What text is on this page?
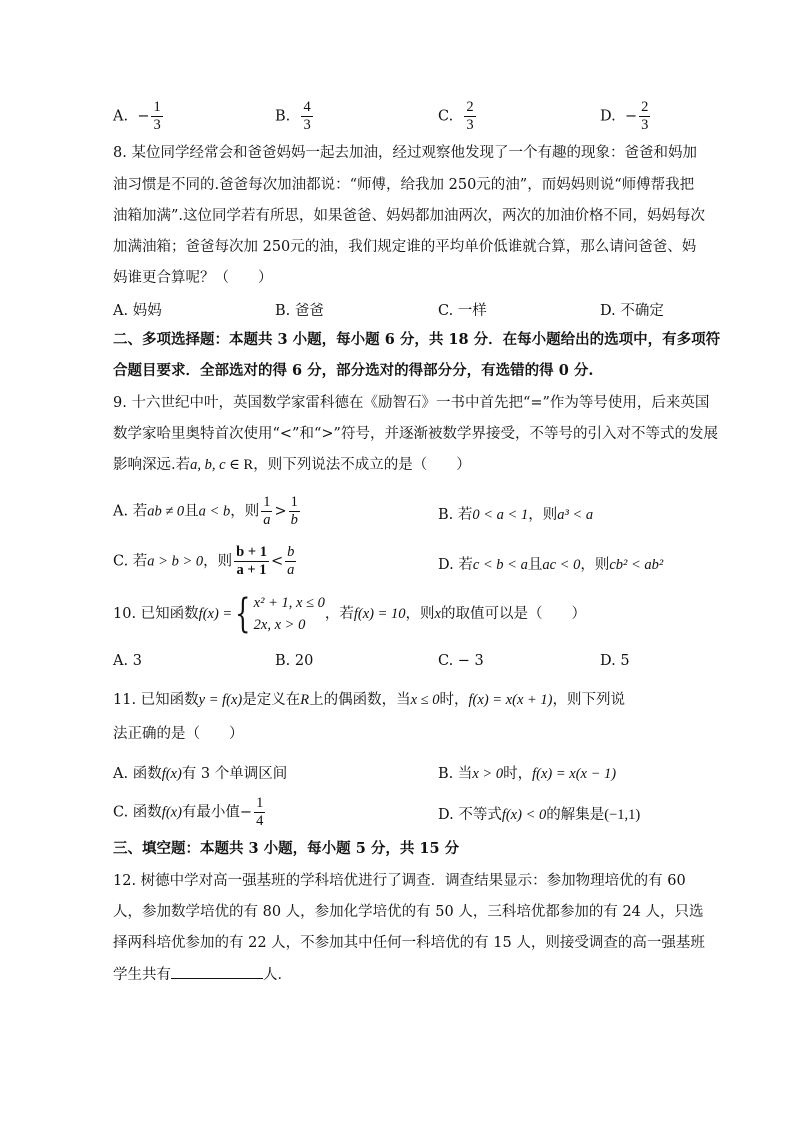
A. − $\frac{1}{3}$	B. $\frac{4}{3}$	C. $\frac{2}{3}$	D. − $\frac{2}{3}$
8. 某位同学经常会和爸爸妈妈一起去加油，经过观察他发现了一个有趣的现象：爸爸和妈加
油习惯是不同的.爸爸每次加油都说：“师傅，给我加 250元的油”，而妈妈则说“师傅帮我把
油箱加满”.这位同学若有所思，如果爸爸、妈妈都加油两次，两次的加油价格不同，妈妈每次
加满油箱；爸爸每次加 250元的油，我们规定谁的平均单价低谁就合算，那么请问爸爸、妈
妈谁更合算呢？（　　）
A. 妈妈	B. 爸爸	C. 一样	D. 不确定
二、多项选择题：本题共 3 小题，每小题 6 分，共 18 分．在每小题给出的选项中，有多项符
合题目要求．全部选对的得 6 分，部分选对的得部分分，有选错的得 0 分.
9. 十六世纪中叶，英国数学家雷科德在《励智石》一书中首先把“=”作为等号使用，后来英国
数学家哈里奥特首次使用“<”和“>”符号，并逐渐被数学界接受，不等号的引入对不等式的发展
影响深远.若a, b, c ∈ R，则下列说法不成立的是（　　）
A. 若ab ≠ 0且a < b，则 $\frac{1}{a} > \frac{1}{b}$	B. 若0 < a < 1，则a³ < a
C. 若a > b > 0，则 $\frac{b + 1}{a + 1} < \frac{b}{a}$	D. 若c < b < a且ac < 0，则cb² < ab²
10. 已知函数f(x) ={ x² + 1, x ≤ 0
2x, x > 0
，若f(x) = 10，则x的取值可以是（　　）
A. 3	B. 20	C. − 3	D. 5
11. 已知函数y = f(x)是定义在R上的偶函数，当x ≤ 0时，f(x) = x(x + 1)，则下列说
法正确的是（　　）
A. 函数f(x)有 3 个单调区间	B. 当x > 0时，f(x) = x(x − 1)
C. 函数f(x)有最小值− $\frac{1}{4}$	D. 不等式f(x) < 0的解集是(−1,1)
三、填空题：本题共 3 小题，每小题 5 分，共 15 分
12. 树德中学对高一强基班的学科培优进行了调查．调查结果显示：参加物理培优的有 60
人，参加数学培优的有 80 人，参加化学培优的有 50 人，三科培优都参加的有 24 人，只选
择两科培优参加的有 22 人，不参加其中任何一科培优的有 15 人，则接受调查的高一强基班
学生共有	人．
